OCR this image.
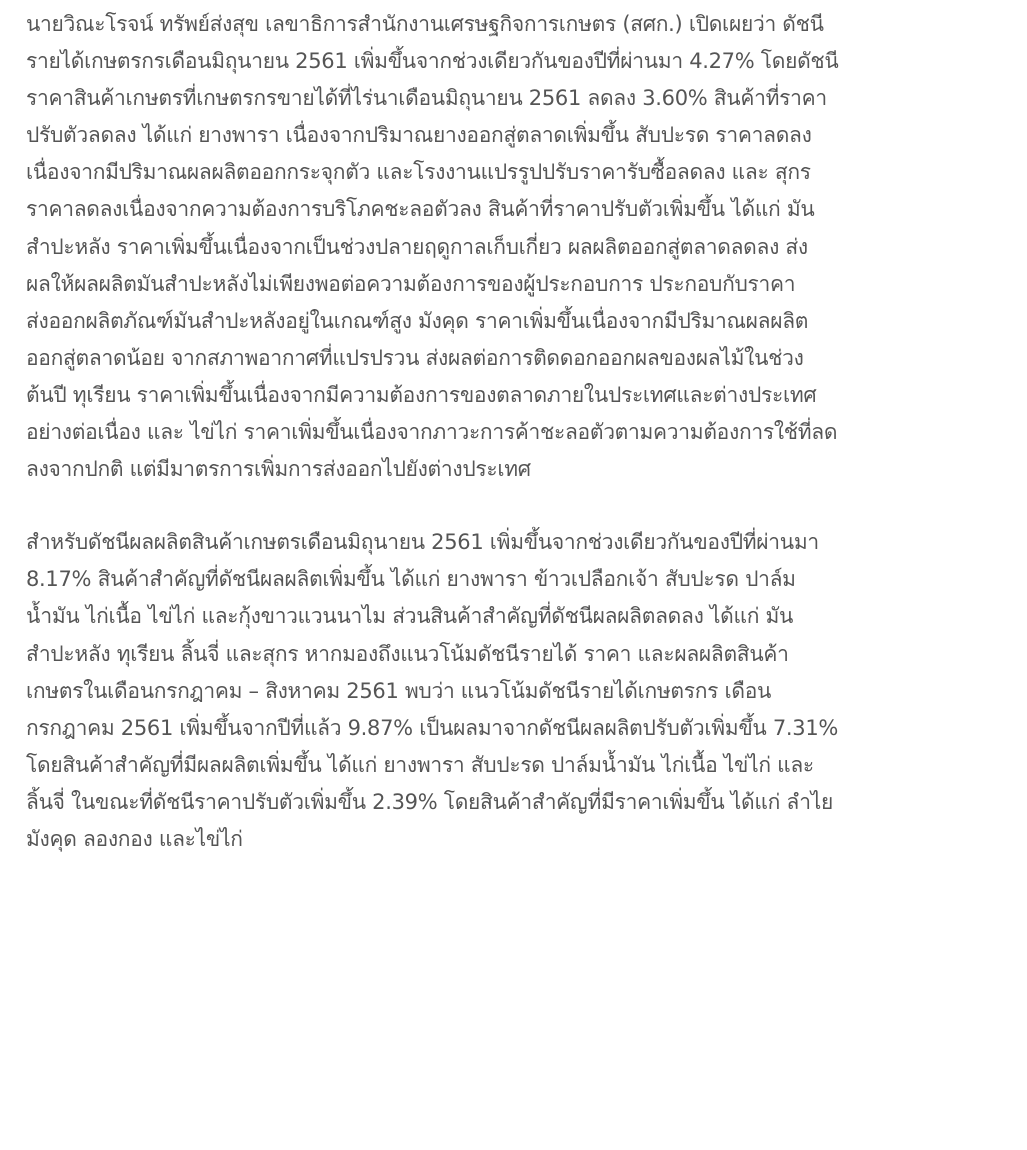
นายวิณะโรจน์ ทรัพย์ส่งสุข เลขาธิการสำนักงานเศรษฐกิจการเกษตร (สศก.) เปิดเผยว่า ดัชนี
รายได้เกษตรกรเดือนมิถุนายน 2561 เพิ่มขึ้นจากช่วงเดียวกันของปีที่ผ่านมา 4.27% โดยดัชนี
ราคาสินค้าเกษตรที่เกษตรกรขายได้ที่ไร่นาเดือนมิถุนายน 2561 ลดลง 3.60% สินค้าที่ราคา
ปรับตัวลดลง ได้แก่ ยางพารา เนื่องจากปริมาณยางออกสู่ตลาดเพิ่มขึ้น สับปะรด ราคาลดลง
เนื่องจากมีปริมาณผลผลิตออกกระจุกตัว และโรงงานแปรรูปปรับราคารับซื้อลดลง และ สุกร
ราคาลดลงเนื่องจากความต้องการบริโภคชะลอตัวลง สินค้าที่ราคาปรับตัวเพิ่มขึ้น ได้แก่ มัน
สำปะหลัง ราคาเพิ่มขึ้นเนื่องจากเป็นช่วงปลายฤดูกาลเก็บเกี่ยว ผลผลิตออกสู่ตลาดลดลง ส่ง
ผลให้ผลผลิตมันสำปะหลังไม่เพียงพอต่อความต้องการของผู้ประกอบการ ประกอบกับราคา
ส่งออกผลิตภัณฑ์มันสำปะหลังอยู่ในเกณฑ์สูง มังคุด ราคาเพิ่มขึ้นเนื่องจากมีปริมาณผลผลิต
ออกสู่ตลาดน้อย จากสภาพอากาศที่แปรปรวน ส่งผลต่อการติดดอกออกผลของผลไม้ในช่วง
ต้นปี ทุเรียน ราคาเพิ่มขึ้นเนื่องจากมีความต้องการของตลาดภายในประเทศและต่างประเทศ
อย่างต่อเนื่อง และ ไข่ไก่ ราคาเพิ่มขึ้นเนื่องจากภาวะการค้าชะลอตัวตามความต้องการใช้ที่ลด
ลงจากปกติ แต่มีมาตรการเพิ่มการส่งออกไปยังต่างประเทศ

สำหรับดัชนีผลผลิตสินค้าเกษตรเดือนมิถุนายน 2561 เพิ่มขึ้นจากช่วงเดียวกันของปีที่ผ่านมา
8.17% สินค้าสำคัญที่ดัชนีผลผลิตเพิ่มขึ้น ได้แก่ ยางพารา ข้าวเปลือกเจ้า สับปะรด ปาล์ม
น้ำมัน ไก่เนื้อ ไข่ไก่ และกุ้งขาวแวนนาไม ส่วนสินค้าสำคัญที่ดัชนีผลผลิตลดลง ได้แก่ มัน
สำปะหลัง ทุเรียน ลิ้นจี่ และสุกร หากมองถึงแนวโน้มดัชนีรายได้ ราคา และผลผลิตสินค้า
เกษตรในเดือนกรกฎาคม – สิงหาคม 2561 พบว่า แนวโน้มดัชนีรายได้เกษตรกร เดือน
กรกฎาคม 2561 เพิ่มขึ้นจากปีที่แล้ว 9.87% เป็นผลมาจากดัชนีผลผลิตปรับตัวเพิ่มขึ้น 7.31%
โดยสินค้าสำคัญที่มีผลผลิตเพิ่มขึ้น ได้แก่ ยางพารา สับปะรด ปาล์มน้ำมัน ไก่เนื้อ ไข่ไก่ และ
ลิ้นจี่ ในขณะที่ดัชนีราคาปรับตัวเพิ่มขึ้น 2.39% โดยสินค้าสำคัญที่มีราคาเพิ่มขึ้น ได้แก่ ลำไย
มังคุด ลองกอง และไข่ไก่
